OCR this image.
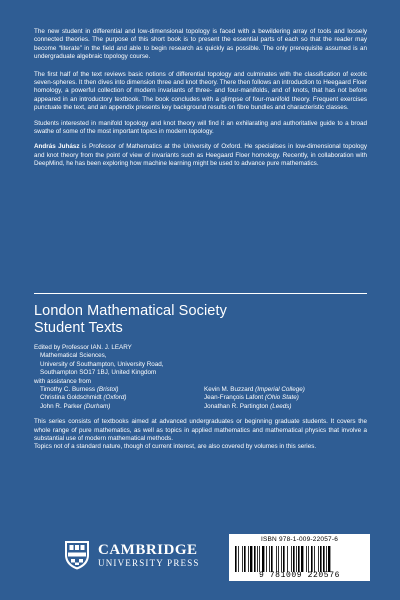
The new student in differential and low-dimensional topology is faced with a bewildering array of tools and loosely connected theories. The purpose of this short book is to present the essential parts of each so that the reader may become “literate” in the field and able to begin research as quickly as possible. The only prerequisite assumed is an undergraduate algebraic topology course.

The first half of the text reviews basic notions of differential topology and culminates with the classification of exotic seven-spheres. It then dives into dimension three and knot theory. There then follows an introduction to Heegaard Floer homology, a powerful collection of modern invariants of three- and four-manifolds, and of knots, that has not before appeared in an introductory textbook. The book concludes with a glimpse of four-manifold theory. Frequent exercises punctuate the text, and an appendix presents key background results on fibre bundles and characteristic classes.

Students interested in manifold topology and knot theory will find it an exhilarating and authoritative guide to a broad swathe of some of the most important topics in modern topology.

András Juhász is Professor of Mathematics at the University of Oxford. He specialises in low-dimensional topology and knot theory from the point of view of invariants such as Heegaard Floer homology. Recently, in collaboration with DeepMind, he has been exploring how machine learning might be used to advance pure mathematics.

London Mathematical Society
Student Texts
Edited by Professor IAN. J. LEARY
Mathematical Sciences,
University of Southampton, University Road,
Southampton SO17 1BJ, United Kingdom
with assistance from
Timothy C. Burness (Bristol)	Kevin M. Buzzard (Imperial College)
Christina Goldschmidt (Oxford)	Jean-François Lafont (Ohio State)
John R. Parker (Durham)	Jonathan R. Partington (Leeds)

This series consists of textbooks aimed at advanced undergraduates or beginning graduate students. It covers the whole range of pure mathematics, as well as topics in applied mathematics and mathematical physics that involve a substantial use of modern mathematical methods.

Topics not of a standard nature, though of current interest, are also covered by volumes in this series.

CAMBRIDGE
UNIVERSITY PRESS
ISBN 978-1-009-22057-6
9 781009 220576
